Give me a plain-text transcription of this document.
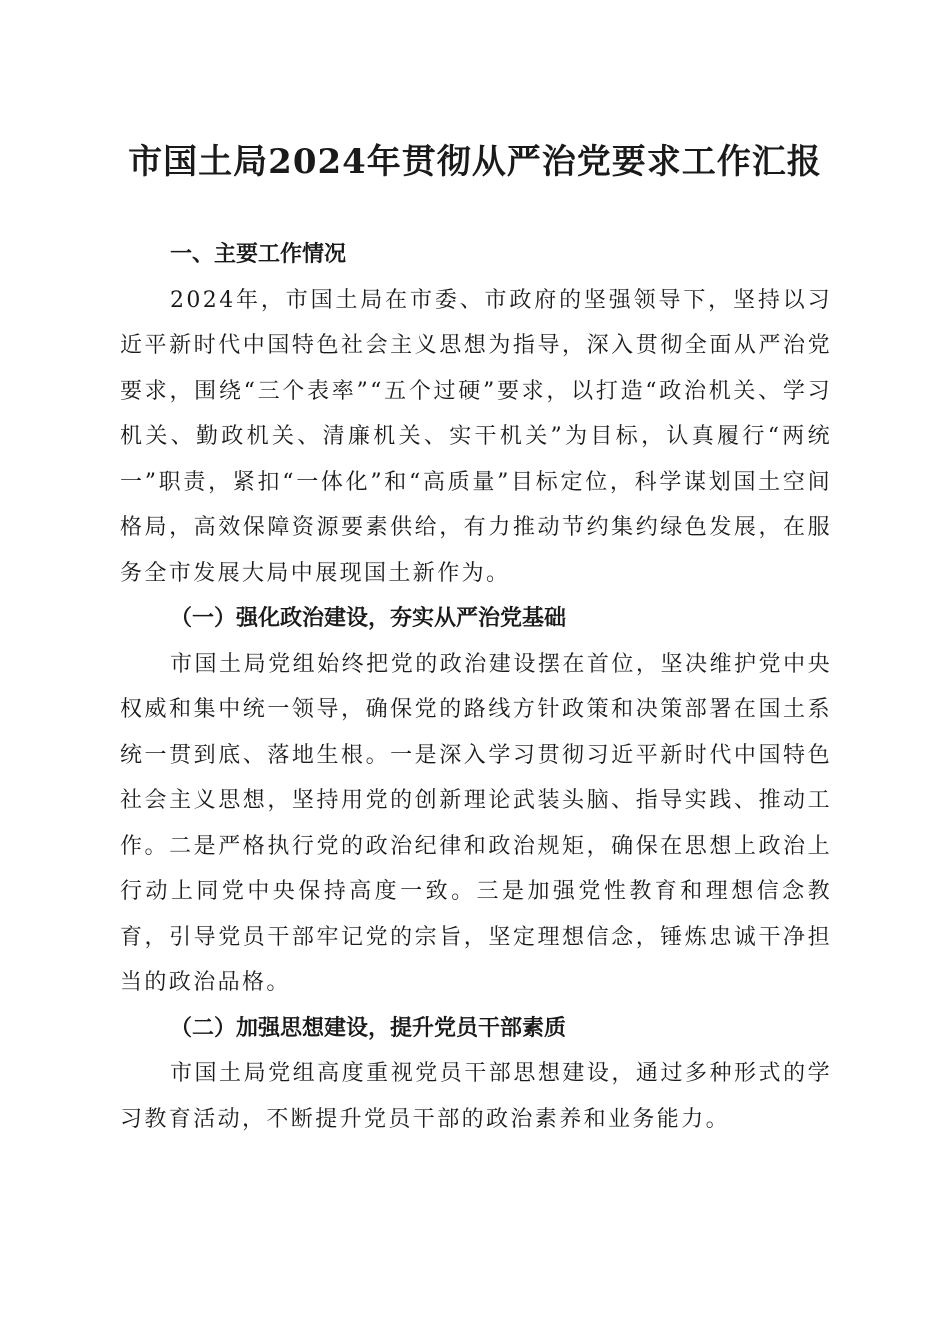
市国土局2024年贯彻从严治党要求工作汇报

一、主要工作情况

2024年，市国土局在市委、市政府的坚强领导下，坚持以习近平新时代中国特色社会主义思想为指导，深入贯彻全面从严治党要求，围绕“三个表率”“五个过硬”要求，以打造“政治机关、学习机关、勤政机关、清廉机关、实干机关”为目标，认真履行“两统一”职责，紧扣“一体化”和“高质量”目标定位，科学谋划国土空间格局，高效保障资源要素供给，有力推动节约集约绿色发展，在服务全市发展大局中展现国土新作为。

（一）强化政治建设，夯实从严治党基础

市国土局党组始终把党的政治建设摆在首位，坚决维护党中央权威和集中统一领导，确保党的路线方针政策和决策部署在国土系统一贯到底、落地生根。一是深入学习贯彻习近平新时代中国特色社会主义思想，坚持用党的创新理论武装头脑、指导实践、推动工作。二是严格执行党的政治纪律和政治规矩，确保在思想上政治上行动上同党中央保持高度一致。三是加强党性教育和理想信念教育，引导党员干部牢记党的宗旨，坚定理想信念，锤炼忠诚干净担当的政治品格。

（二）加强思想建设，提升党员干部素质

市国土局党组高度重视党员干部思想建设，通过多种形式的学习教育活动，不断提升党员干部的政治素养和业务能力。
